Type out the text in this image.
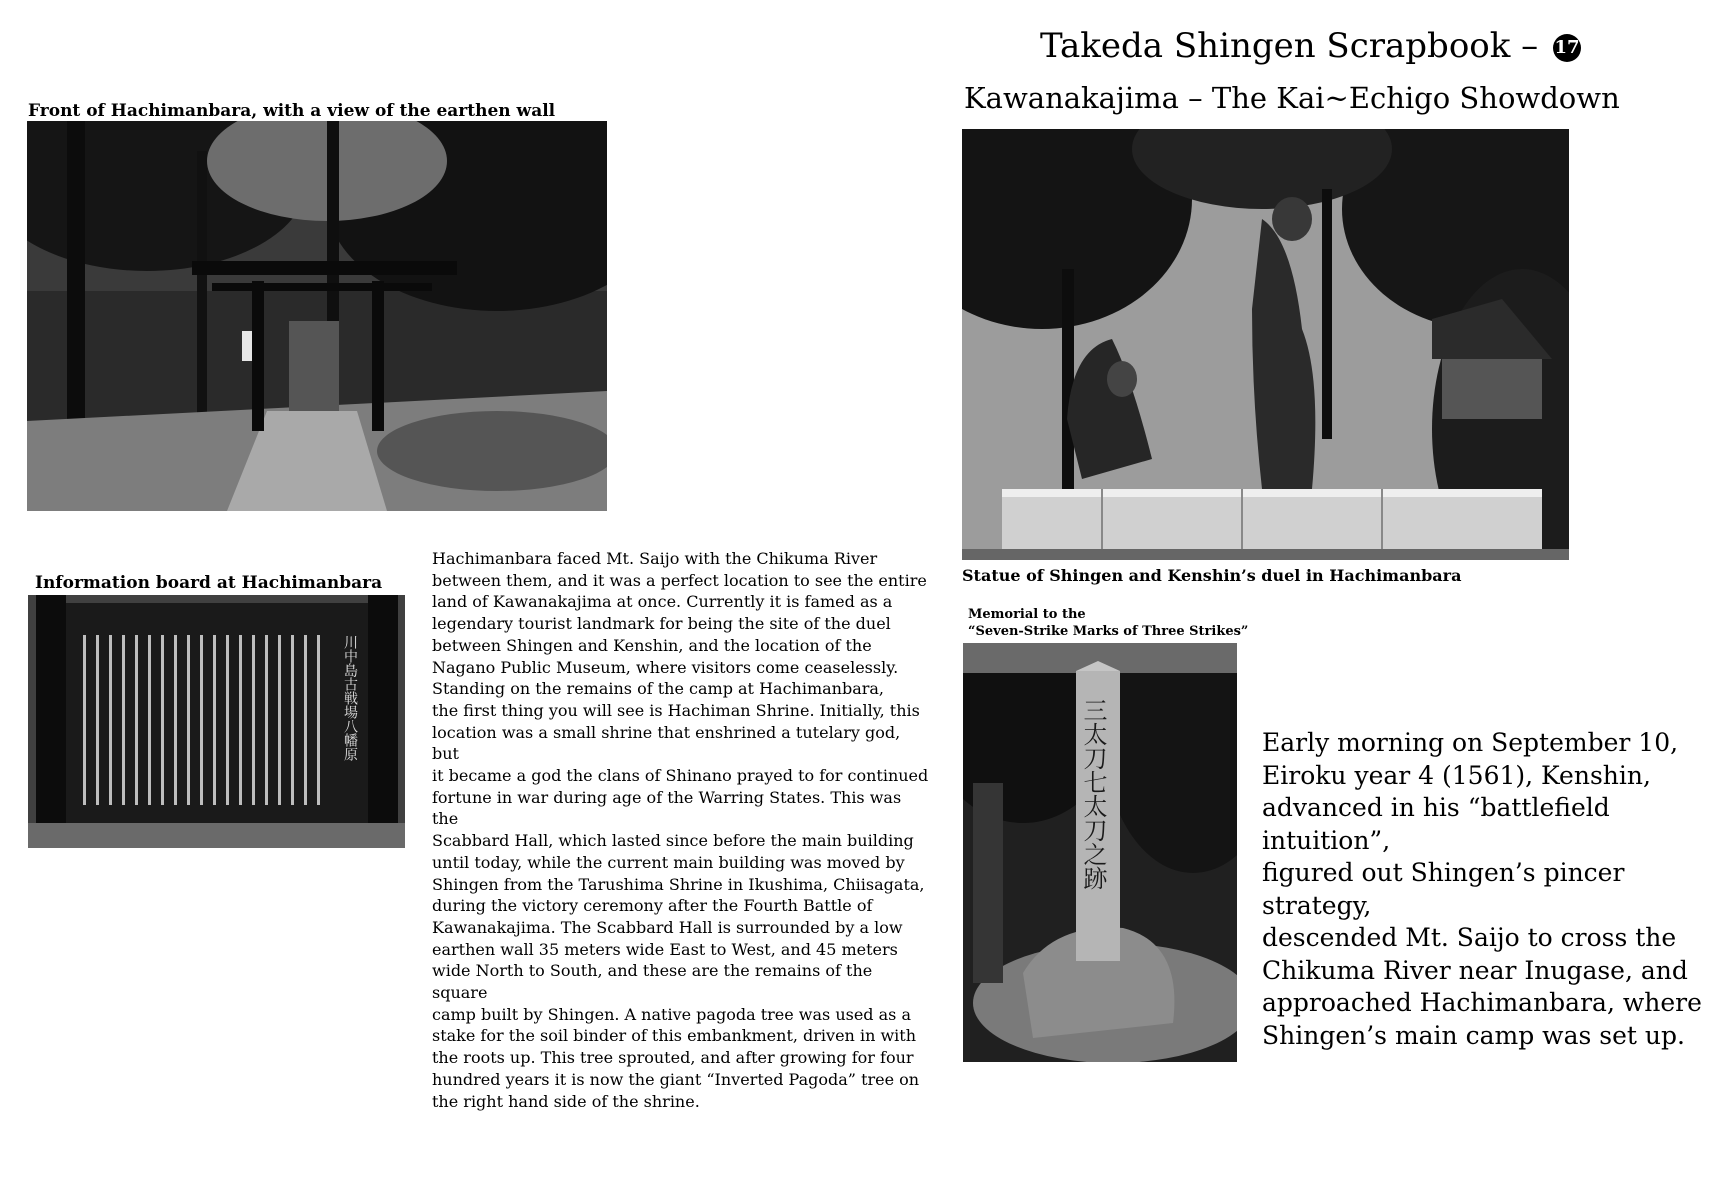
Takeda Shingen Scrapbook – 17
Kawanakajima – The Kai~Echigo Showdown
Front of Hachimanbara, with a view of the earthen wall
Information board at Hachimanbara
川中島古戦場八幡原

Hachimanbara faced Mt. Saijo with the Chikuma River

between them, and it was a perfect location to see the entire

land of Kawanakajima at once. Currently it is famed as a

legendary tourist landmark for being the site of the duel

between Shingen and Kenshin, and the location of the

Nagano Public Museum, where visitors come ceaselessly.

Standing on the remains of the camp at Hachimanbara,

the first thing you will see is Hachiman Shrine. Initially, this

location was a small shrine that enshrined a tutelary god, but

it became a god the clans of Shinano prayed to for continued

fortune in war during age of the Warring States. This was the

Scabbard Hall, which lasted since before the main building

until today, while the current main building was moved by

Shingen from the Tarushima Shrine in Ikushima, Chiisagata,

during the victory ceremony after the Fourth Battle of

Kawanakajima. The Scabbard Hall is surrounded by a low

earthen wall 35 meters wide East to West, and 45 meters

wide North to South, and these are the remains of the square

camp built by Shingen. A native pagoda tree was used as a

stake for the soil binder of this embankment, driven in with

the roots up. This tree sprouted, and after growing for four

hundred years it is now the giant “Inverted Pagoda” tree on

the right hand side of the shrine.

Statue of Shingen and Kenshin’s duel in Hachimanbara
Memorial to the
“Seven-Strike Marks of Three Strikes”
三太刀七太刀之跡	Early morning on September 10,

Eiroku year 4 (1561), Kenshin,

advanced in his “battlefield intuition”,

figured out Shingen’s pincer strategy,

descended Mt. Saijo to cross the

Chikuma River near Inugase, and

approached Hachimanbara, where

Shingen’s main camp was set up.
